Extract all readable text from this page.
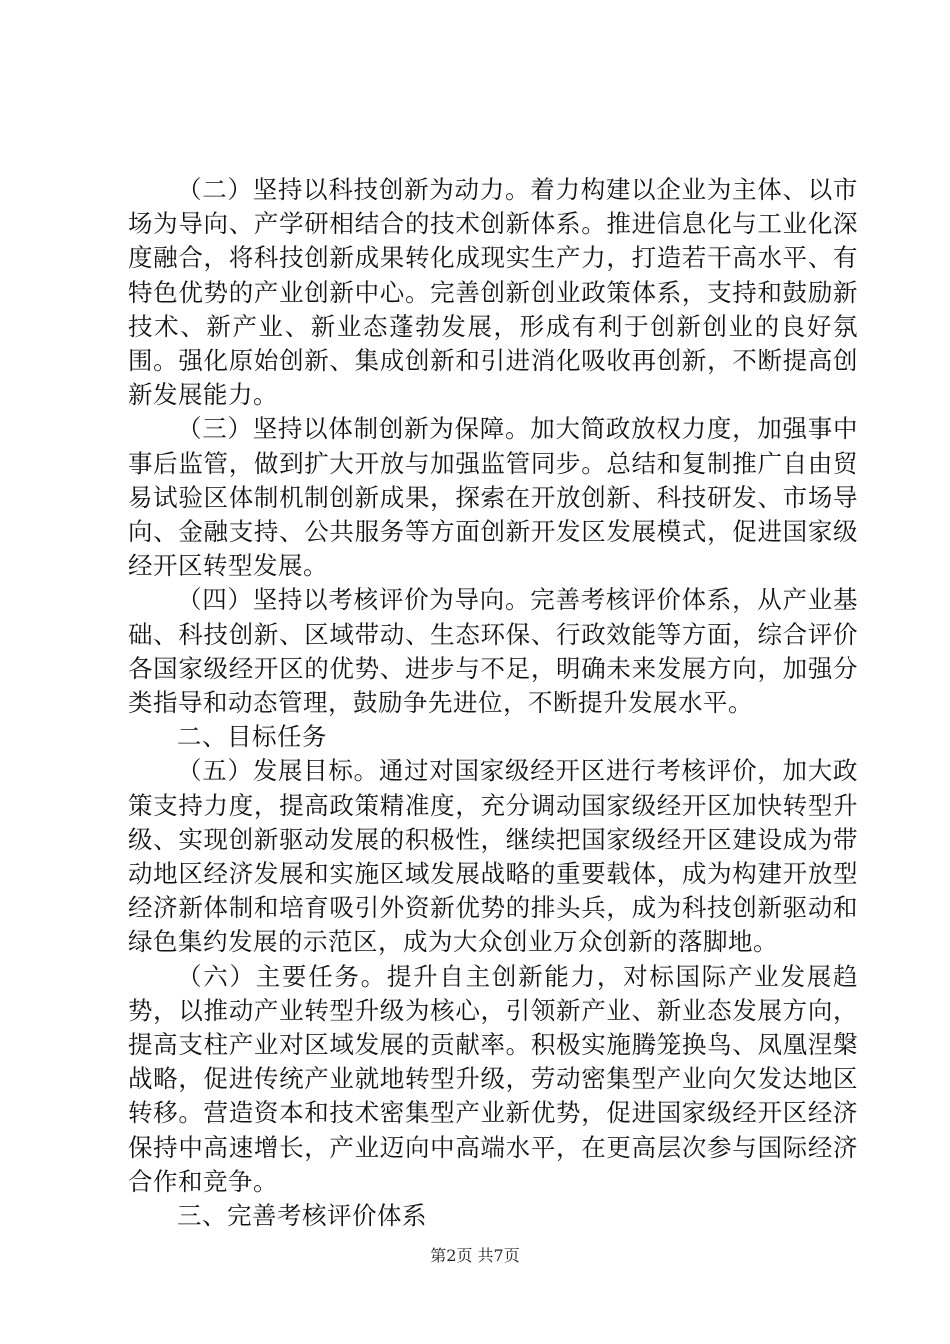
（二）坚持以科技创新为动力。着力构建以企业为主体、以市场为导向、产学研相结合的技术创新体系。推进信息化与工业化深度融合，将科技创新成果转化成现实生产力，打造若干高水平、有特色优势的产业创新中心。完善创新创业政策体系，支持和鼓励新技术、新产业、新业态蓬勃发展，形成有利于创新创业的良好氛围。强化原始创新、集成创新和引进消化吸收再创新，不断提高创新发展能力。

（三）坚持以体制创新为保障。加大简政放权力度，加强事中事后监管，做到扩大开放与加强监管同步。总结和复制推广自由贸易试验区体制机制创新成果，探索在开放创新、科技研发、市场导向、金融支持、公共服务等方面创新开发区发展模式，促进国家级经开区转型发展。

（四）坚持以考核评价为导向。完善考核评价体系，从产业基础、科技创新、区域带动、生态环保、行政效能等方面，综合评价各国家级经开区的优势、进步与不足，明确未来发展方向，加强分类指导和动态管理，鼓励争先进位，不断提升发展水平。

二、目标任务

（五）发展目标。通过对国家级经开区进行考核评价，加大政策支持力度，提高政策精准度，充分调动国家级经开区加快转型升级、实现创新驱动发展的积极性，继续把国家级经开区建设成为带动地区经济发展和实施区域发展战略的重要载体，成为构建开放型经济新体制和培育吸引外资新优势的排头兵，成为科技创新驱动和绿色集约发展的示范区，成为大众创业万众创新的落脚地。

（六）主要任务。提升自主创新能力，对标国际产业发展趋势，以推动产业转型升级为核心，引领新产业、新业态发展方向，提高支柱产业对区域发展的贡献率。积极实施腾笼换鸟、凤凰涅槃战略，促进传统产业就地转型升级，劳动密集型产业向欠发达地区转移。营造资本和技术密集型产业新优势，促进国家级经开区经济保持中高速增长，产业迈向中高端水平，在更高层次参与国际经济合作和竞争。

三、完善考核评价体系

第2页 共7页
